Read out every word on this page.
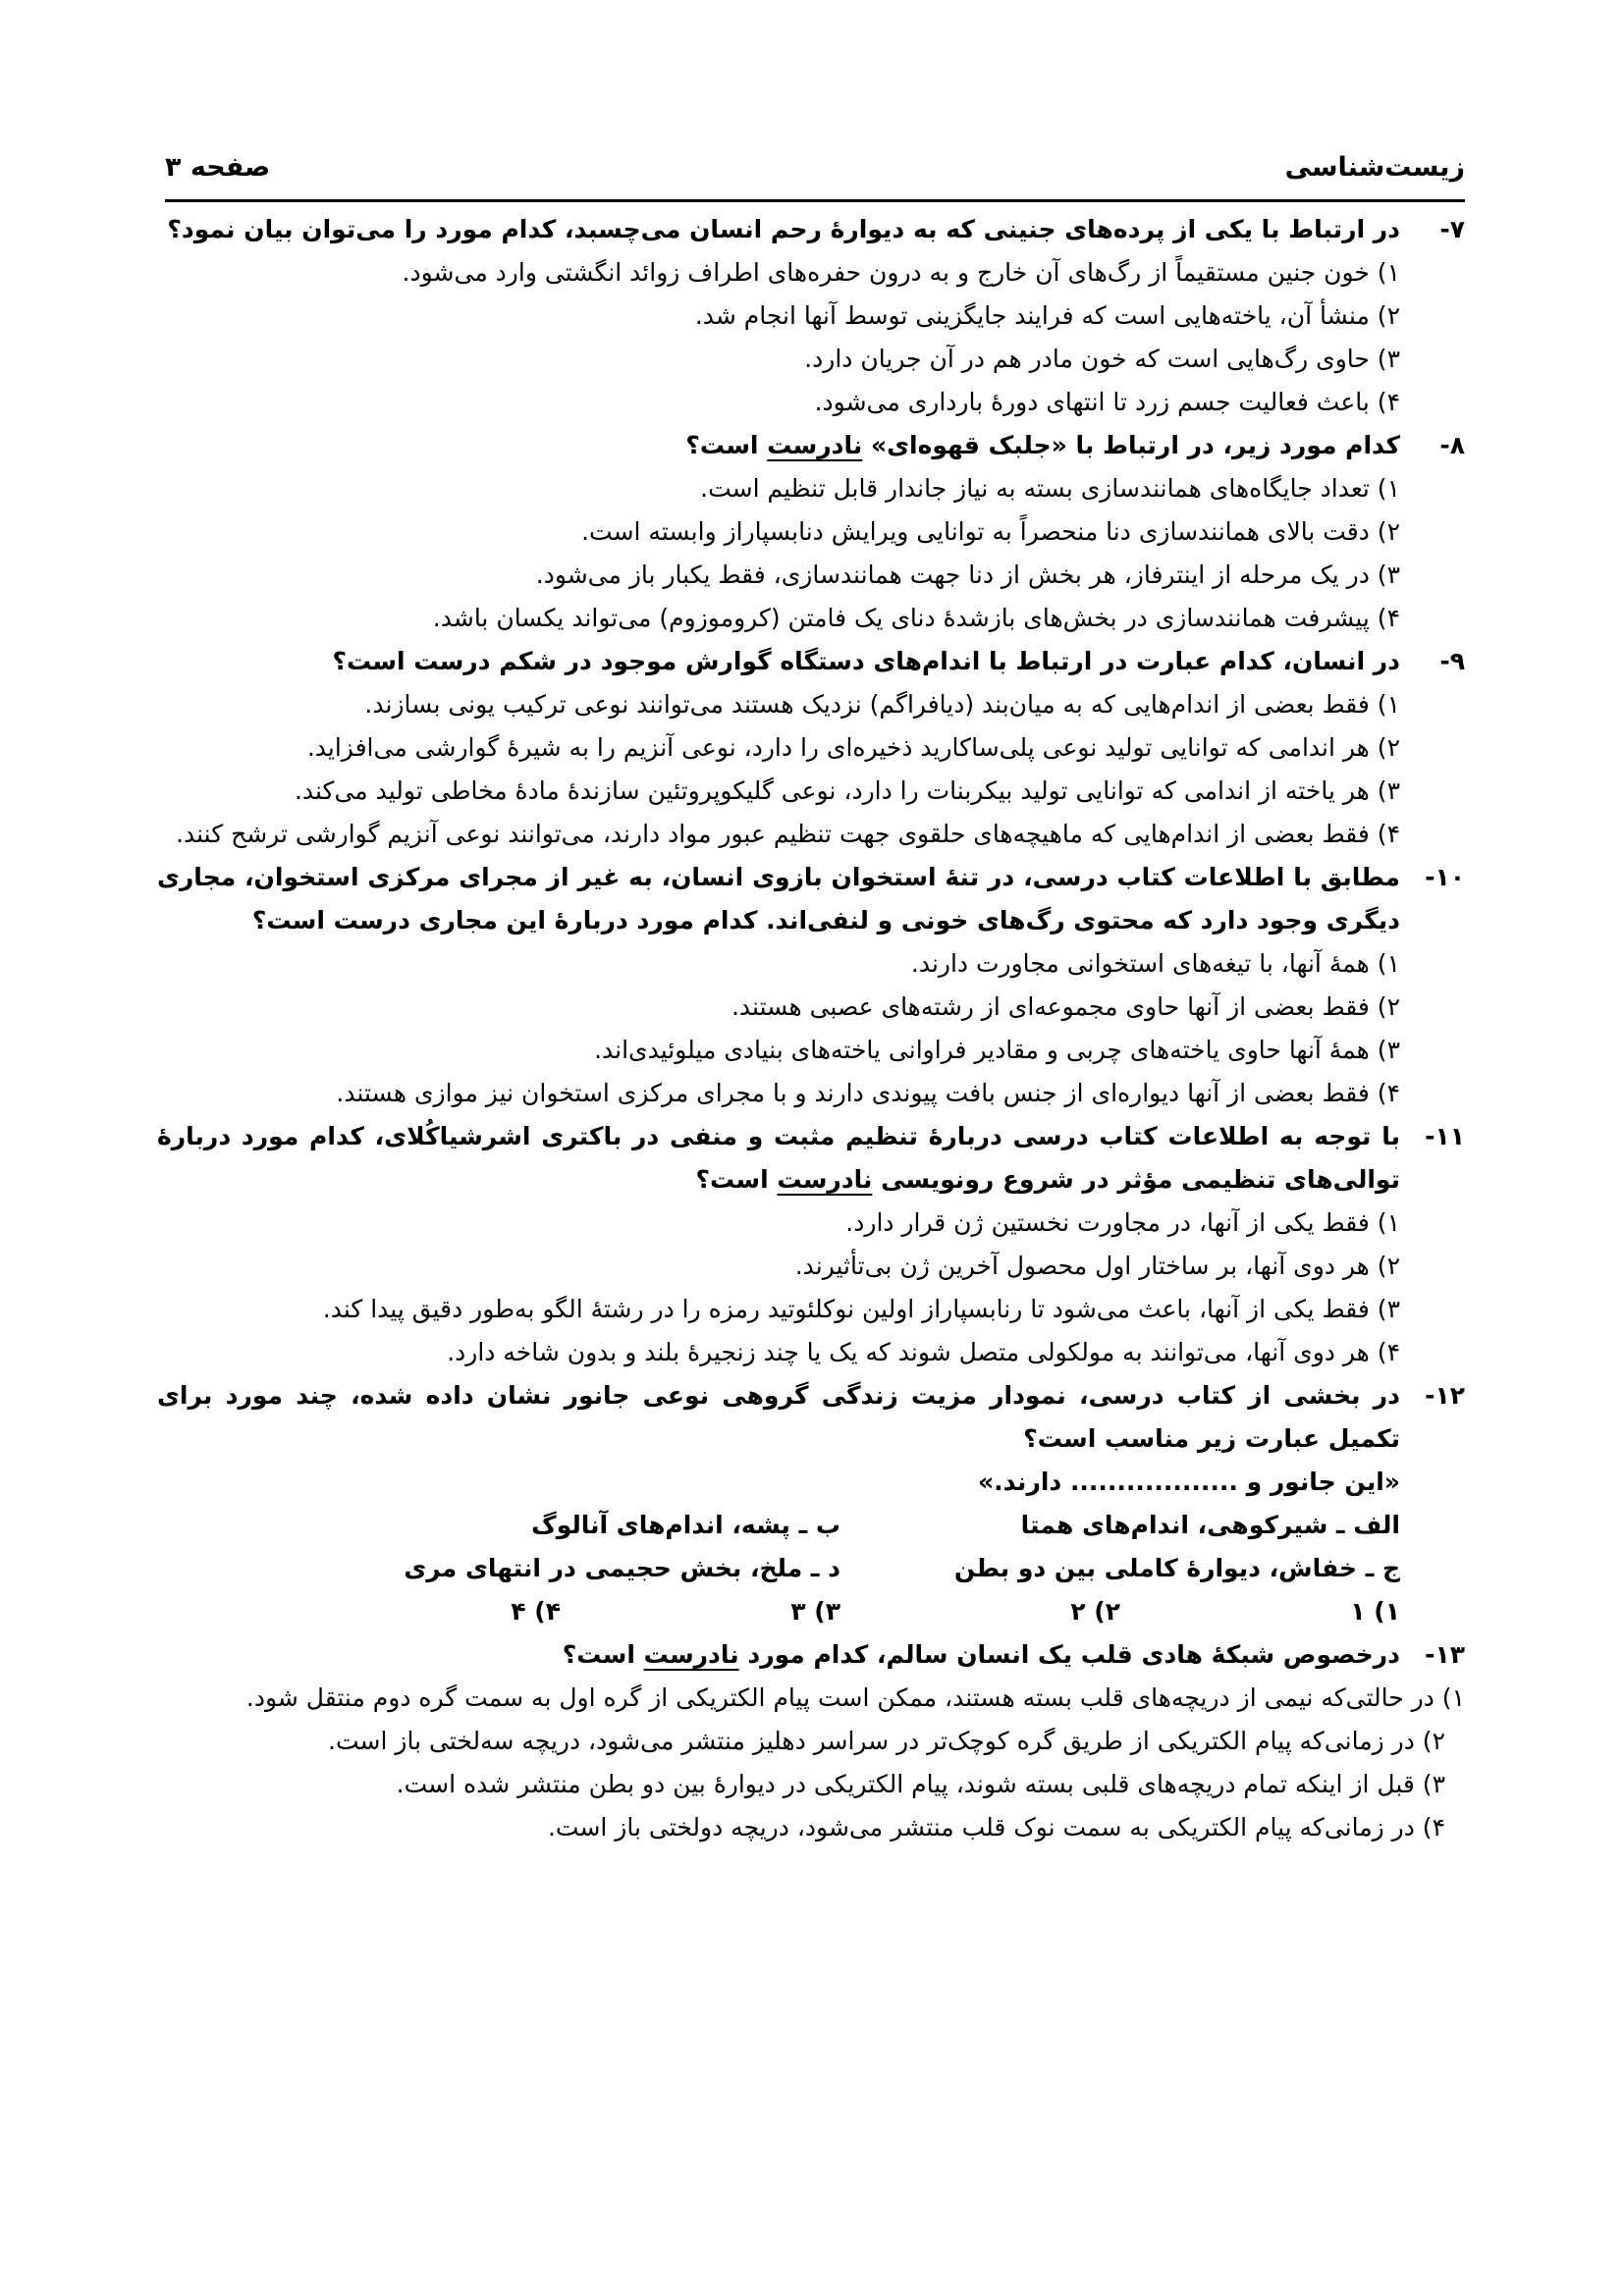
زیست‌شناسی
صفحه ۳
۷-
در ارتباط با یکی از پرده‌های جنینی که به دیوارهٔ رحم انسان می‌چسبد، کدام مورد را می‌توان بیان نمود؟
۱) خون جنین مستقیماً از رگ‌های آن خارج و به درون حفره‌های اطراف زوائد انگشتی وارد می‌شود.
۲) منشأ آن، یاخته‌هایی است که فرایند جایگزینی توسط آنها انجام شد.
۳) حاوی رگ‌هایی است که خون مادر هم در آن جریان دارد.
۴) باعث فعالیت جسم زرد تا انتهای دورهٔ بارداری می‌شود.
۸-
کدام مورد زیر، در ارتباط با «جلبک قهوه‌ای» نادرست است؟
۱) تعداد جایگاه‌های همانندسازی بسته به نیاز جاندار قابل تنظیم است.
۲) دقت بالای همانندسازی دنا منحصراً به توانایی ویرایش دنابسپاراز وابسته است.
۳) در یک مرحله از اینترفاز، هر بخش از دنا جهت همانندسازی، فقط یکبار باز می‌شود.
۴) پیشرفت همانندسازی در بخش‌های بازشدهٔ دنای یک فامتن (کروموزوم) می‌تواند یکسان باشد.
۹-
در انسان، کدام عبارت در ارتباط با اندام‌های دستگاه گوارش موجود در شکم درست است؟
۱) فقط بعضی از اندام‌هایی که به میان‌بند (دیافراگم) نزدیک هستند می‌توانند نوعی ترکیب یونی بسازند.
۲) هر اندامی که توانایی تولید نوعی پلی‌ساکارید ذخیره‌ای را دارد، نوعی آنزیم را به شیرهٔ گوارشی می‌افزاید.
۳) هر یاخته از اندامی که توانایی تولید بیکربنات را دارد، نوعی گلیکوپروتئین سازندهٔ مادهٔ مخاطی تولید می‌کند.
۴) فقط بعضی از اندام‌هایی که ماهیچه‌های حلقوی جهت تنظیم عبور مواد دارند، می‌توانند نوعی آنزیم گوارشی ترشح کنند.
۱۰-
مطابق با اطلاعات کتاب درسی، در تنهٔ استخوان بازوی انسان، به غیر از مجرای مرکزی استخوان، مجاری دیگری وجود دارد که محتوی رگ‌های خونی و لنفی‌اند. کدام مورد دربارهٔ این مجاری درست است؟
۱) همهٔ آنها، با تیغه‌های استخوانی مجاورت دارند.
۲) فقط بعضی از آنها حاوی مجموعه‌ای از رشته‌های عصبی هستند.
۳) همهٔ آنها حاوی یاخته‌های چربی و مقادیر فراوانی یاخته‌های بنیادی میلوئیدی‌اند.
۴) فقط بعضی از آنها دیواره‌ای از جنس بافت پیوندی دارند و با مجرای مرکزی استخوان نیز موازی هستند.
۱۱-
با توجه به اطلاعات کتاب درسی دربارهٔ تنظیم مثبت و منفی در باکتری اشرشیاکُلای، کدام مورد دربارهٔ توالی‌های تنظیمی مؤثر در شروع رونویسی نادرست است؟
۱) فقط یکی از آنها، در مجاورت نخستین ژن قرار دارد.
۲) هر دوی آنها، بر ساختار اول محصول آخرین ژن بی‌تأثیرند.
۳) فقط یکی از آنها، باعث می‌شود تا رنابسپاراز اولین نوکلئوتید رمزه را در رشتهٔ الگو به‌طور دقیق پیدا کند.
۴) هر دوی آنها، می‌توانند به مولکولی متصل شوند که یک یا چند زنجیرهٔ بلند و بدون شاخه دارد.
۱۲-
در بخشی از کتاب درسی، نمودار مزیت زندگی گروهی نوعی جانور نشان داده شده، چند مورد برای تکمیل عبارت زیر مناسب است؟
«این جانور و .................. دارند.»
الف ـ شیرکوهی، اندام‌های همتا
ب ـ پشه، اندام‌های آنالوگ
ج ـ خفاش، دیوارهٔ کاملی بین دو بطن
د ـ ملخ، بخش حجیمی در انتهای مری
۱) ۱
۲) ۲
۳) ۳
۴) ۴
۱۳-
درخصوص شبکهٔ هادی قلب یک انسان سالم، کدام مورد نادرست است؟
۱) در حالتی‌که نیمی از دریچه‌های قلب بسته هستند، ممکن است پیام الکتریکی از گره اول به سمت گره دوم منتقل شود.
۲) در زمانی‌که پیام الکتریکی از طریق گره کوچک‌تر در سراسر دهلیز منتشر می‌شود، دریچه سه‌لختی باز است.
۳) قبل از اینکه تمام دریچه‌های قلبی بسته شوند، پیام الکتریکی در دیوارهٔ بین دو بطن منتشر شده است.
۴) در زمانی‌که پیام الکتریکی به سمت نوک قلب منتشر می‌شود، دریچه دولختی باز است.
